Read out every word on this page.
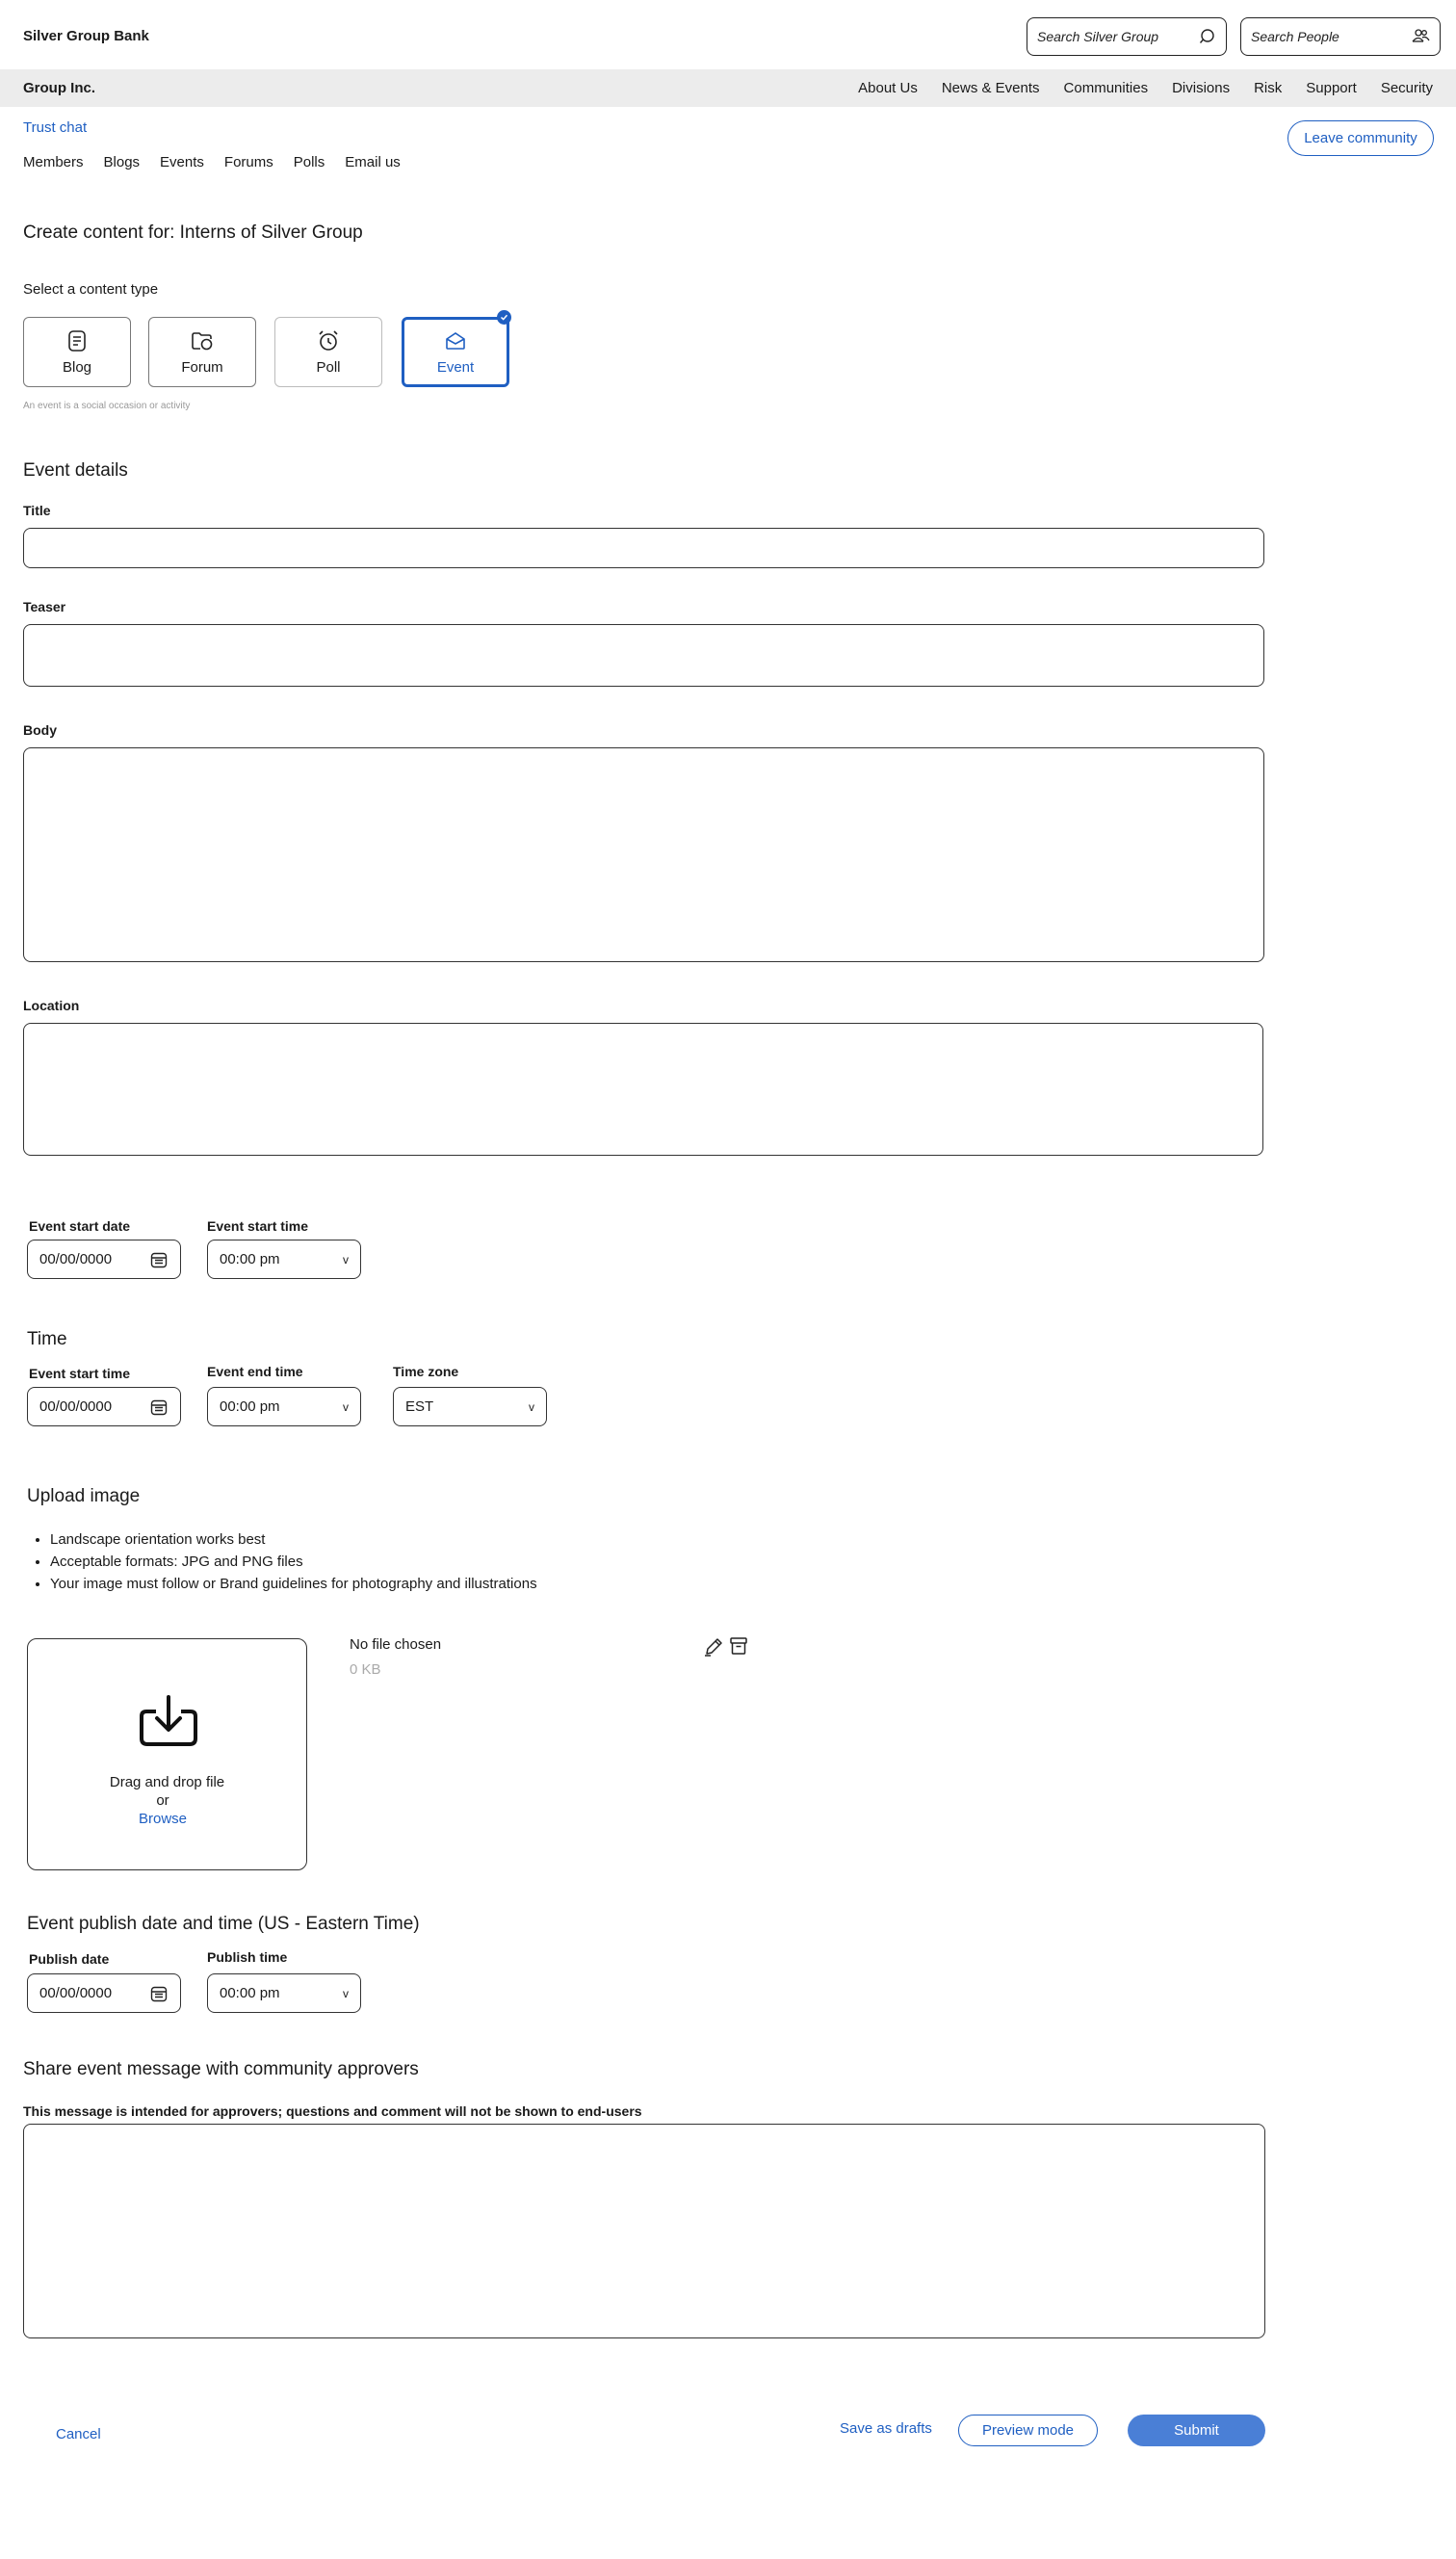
Silver Group Bank	Search Silver Group	Search People
Group Inc.	About Us News & Events Communities Divisions Risk Support Security
Trust chat
Members Blogs Events Forums Polls Email us
Leave community
Create content for: Interns of Silver Group
Select a content type
Blog	Forum	Poll	Event
An event is a social occasion or activity
Event details
Title
Teaser
Body
Location
Event start date
00/00/0000
Event start time
00:00 pm	v
Time
Event start time
00/00/0000
Event end time
00:00 pm	v
Time zone
EST	v
Upload image
• Landscape orientation works best
• Acceptable formats: JPG and PNG files
• Your image must follow or Brand guidelines for photography and illustrations
Drag and drop file
or
Browse
No file chosen
0 KB
Event publish date and time (US - Eastern Time)
Publish date
00/00/0000
Publish time
00:00 pm	v
Share event message with community approvers
This message is intended for approvers; questions and comment will not be shown to end-users
Cancel	Save as drafts	Preview mode	Submit
